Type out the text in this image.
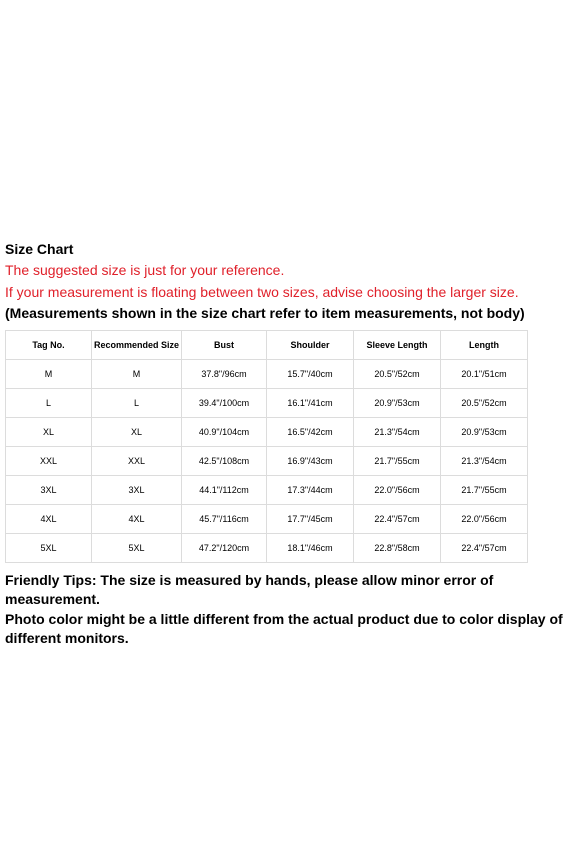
Size Chart

The suggested size is just for your reference.

If your measurement is floating between two sizes, advise choosing the larger size.

(Measurements shown in the size chart refer to item measurements, not body)

Tag No.	Recommended Size	Bust	Shoulder	Sleeve Length	Length
M	M	37.8"/96cm	15.7"/40cm	20.5"/52cm	20.1"/51cm
L	L	39.4"/100cm	16.1"/41cm	20.9"/53cm	20.5"/52cm
XL	XL	40.9"/104cm	16.5"/42cm	21.3"/54cm	20.9"/53cm
XXL	XXL	42.5"/108cm	16.9"/43cm	21.7"/55cm	21.3"/54cm
3XL	3XL	44.1"/112cm	17.3"/44cm	22.0"/56cm	21.7"/55cm
4XL	4XL	45.7"/116cm	17.7"/45cm	22.4"/57cm	22.0"/56cm
5XL	5XL	47.2"/120cm	18.1"/46cm	22.8"/58cm	22.4"/57cm

Friendly Tips: The size is measured by hands, please allow minor error of measurement.

Photo color might be a little different from the actual product due to color display of different monitors.
